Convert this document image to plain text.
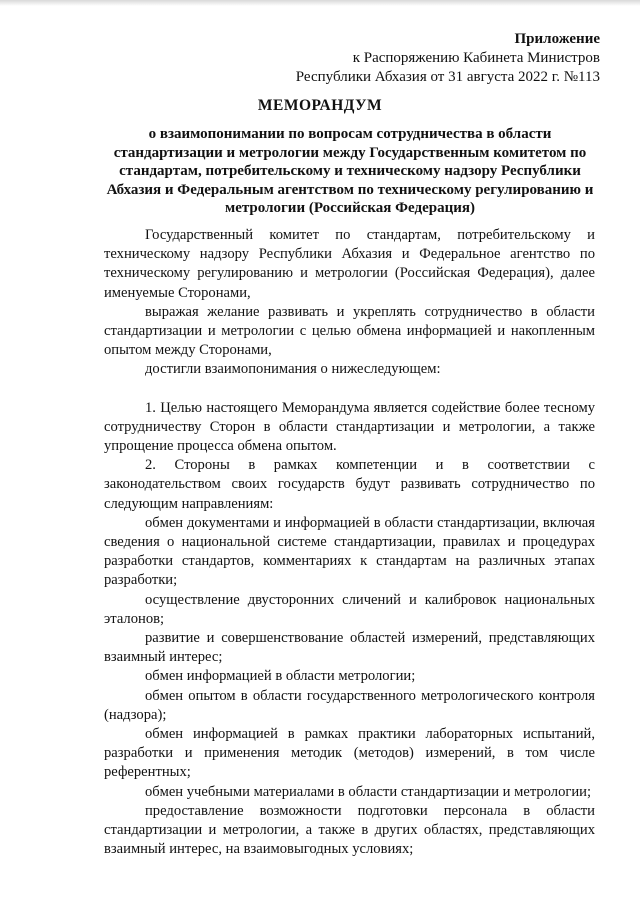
Приложение
к Распоряжению Кабинета Министров
Республики Абхазия от 31 августа 2022 г. №113
МЕМОРАНДУМ
о взаимопонимании по вопросам сотрудничества в области стандартизации и метрологии между Государственным комитетом по стандартам, потребительскому и техническому надзору Республики Абхазия и Федеральным агентством по техническому регулированию и метрологии (Российская Федерация)

Государственный комитет по стандартам, потребительскому и техническому надзору Республики Абхазия и Федеральное агентство по техническому регулированию и метрологии (Российская Федерация), далее именуемые Сторонами,

выражая желание развивать и укреплять сотрудничество в области стандартизации и метрологии с целью обмена информацией и накопленным опытом между Сторонами,

достигли взаимопонимания о нижеследующем:

1. Целью настоящего Меморандума является содействие более тесному сотрудничеству Сторон в области стандартизации и метрологии, а также упрощение процесса обмена опытом.

2. Стороны в рамках компетенции и в соответствии с законодательством своих государств будут развивать сотрудничество по следующим направлениям:

обмен документами и информацией в области стандартизации, включая сведения о национальной системе стандартизации, правилах и процедурах разработки стандартов, комментариях к стандартам на различных этапах разработки;

осуществление двусторонних сличений и калибровок национальных эталонов;

развитие и совершенствование областей измерений, представляющих взаимный интерес;

обмен информацией в области метрологии;

обмен опытом в области государственного метрологического контроля (надзора);

обмен информацией в рамках практики лабораторных испытаний, разработки и применения методик (методов) измерений, в том числе референтных;

обмен учебными материалами в области стандартизации и метрологии;

предоставление возможности подготовки персонала в области стандартизации и метрологии, а также в других областях, представляющих взаимный интерес, на взаимовыгодных условиях;
